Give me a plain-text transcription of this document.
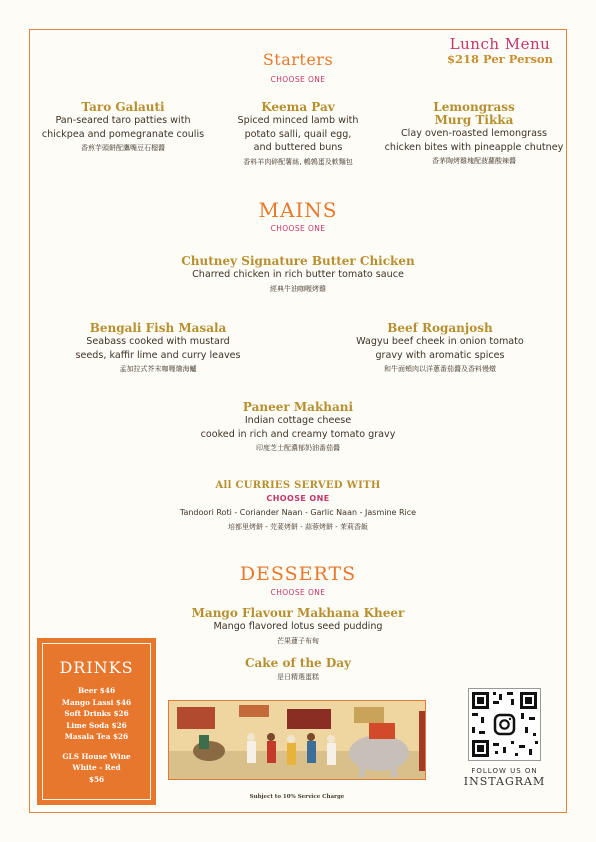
Lunch Menu
$218 Per Person
Starters
CHOOSE ONE
Taro Galauti
Pan-seared taro patties with
chickpea and pomegranate coulis
香煎芋頭餅配鷹嘴豆石榴醬
Keema Pav
Spiced minced lamb with
potato salli, quail egg,
and buttered buns
香料羊肉碎配薯絲, 鵪鶉蛋及軟麵包
Lemongrass
Murg Tikka
Clay oven-roasted lemongrass
chicken bites with pineapple chutney
香茅陶烤雞塊配菠蘿酸辣醬
MAINS
CHOOSE ONE
Chutney Signature Butter Chicken
Charred chicken in rich butter tomato sauce
經典牛油咖喱烤雞
Bengali Fish Masala
Seabass cooked with mustard
seeds, kaffir lime and curry leaves
孟加拉式芥末咖喱燴海鱸
Beef Roganjosh
Wagyu beef cheek in onion tomato
gravy with aromatic spices
和牛面頰肉以洋蔥番茄醬及香料慢燉
Paneer Makhani
Indian cottage cheese
cooked in rich and creamy tomato gravy
印度芝士配濃郁奶油番茄醬
All CURRIES SERVED WITH
CHOOSE ONE
Tandoori Roti - Coriander Naan - Garlic Naan - Jasmine Rice
培都里烤餅 - 芫荽烤餅 - 蒜蓉烤餅 - 茉莉香飯
DESSERTS
CHOOSE ONE
Mango Flavour Makhana Kheer
Mango flavored lotus seed pudding
芒果蓮子布甸
Cake of the Day
是日精選蛋糕
DRINKS
Beer $46
Mango Lassi $46
Soft Drinks $26
Lime Soda $26
Masala Tea $26
GLS House Wine
White - Red
$56
Subject to 10% Service Charge
FOLLOW US ON
INSTAGRAM
